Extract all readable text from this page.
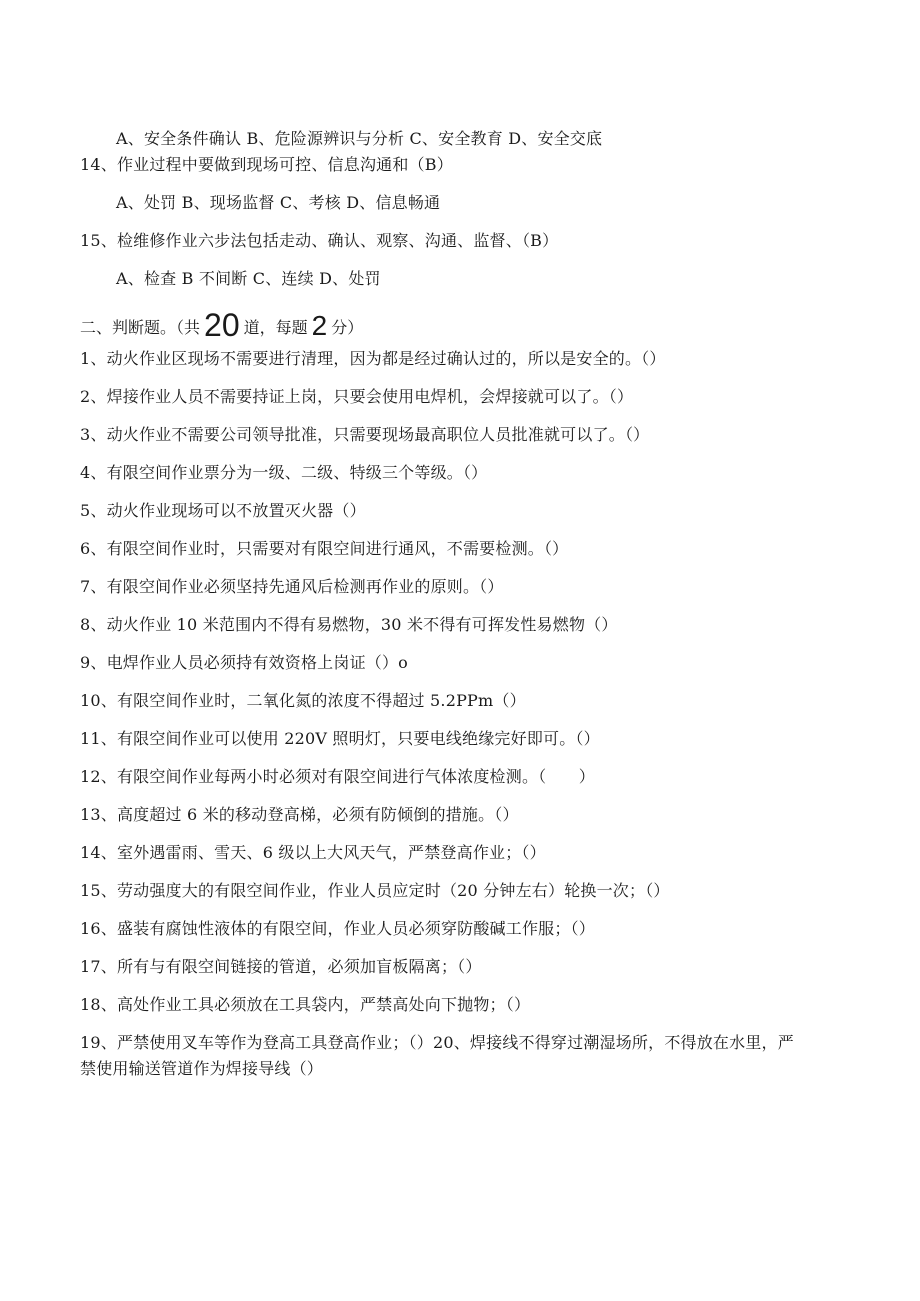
A、安全条件确认 B、危险源辨识与分析 C、安全教育 D、安全交底
14、作业过程中要做到现场可控、信息沟通和（B）
A、处罚 B、现场监督 C、考核 D、信息畅通
15、检维修作业六步法包括走动、确认、观察、沟通、监督、（B）
A、检查 B 不间断 C、连续 D、处罚
二、判断题。（共 20 道，每题 2 分）
1、动火作业区现场不需要进行清理，因为都是经过确认过的，所以是安全的。（）
2、焊接作业人员不需要持证上岗，只要会使用电焊机，会焊接就可以了。（）
3、动火作业不需要公司领导批准，只需要现场最高职位人员批准就可以了。（）
4、有限空间作业票分为一级、二级、特级三个等级。（）
5、动火作业现场可以不放置灭火器（）
6、有限空间作业时，只需要对有限空间进行通风，不需要检测。（）
7、有限空间作业必须坚持先通风后检测再作业的原则。（）
8、动火作业 10 米范围内不得有易燃物，30 米不得有可挥发性易燃物（）
9、电焊作业人员必须持有效资格上岗证（）o
10、有限空间作业时，二氧化氮的浓度不得超过 5.2PPm（）
11、有限空间作业可以使用 220V 照明灯，只要电线绝缘完好即可。（）
12、有限空间作业每两小时必须对有限空间进行气体浓度检测。（　　）
13、高度超过 6 米的移动登高梯，必须有防倾倒的措施。（）
14、室外遇雷雨、雪天、6 级以上大风天气，严禁登高作业；（）
15、劳动强度大的有限空间作业，作业人员应定时（20 分钟左右）轮换一次；（）
16、盛装有腐蚀性液体的有限空间，作业人员必须穿防酸碱工作服；（）
17、所有与有限空间链接的管道，必须加盲板隔离；（）
18、高处作业工具必须放在工具袋内，严禁高处向下抛物；（）
19、严禁使用叉车等作为登高工具登高作业；（）20、焊接线不得穿过潮湿场所，不得放在水里，严禁使用输送管道作为焊接导线（）
